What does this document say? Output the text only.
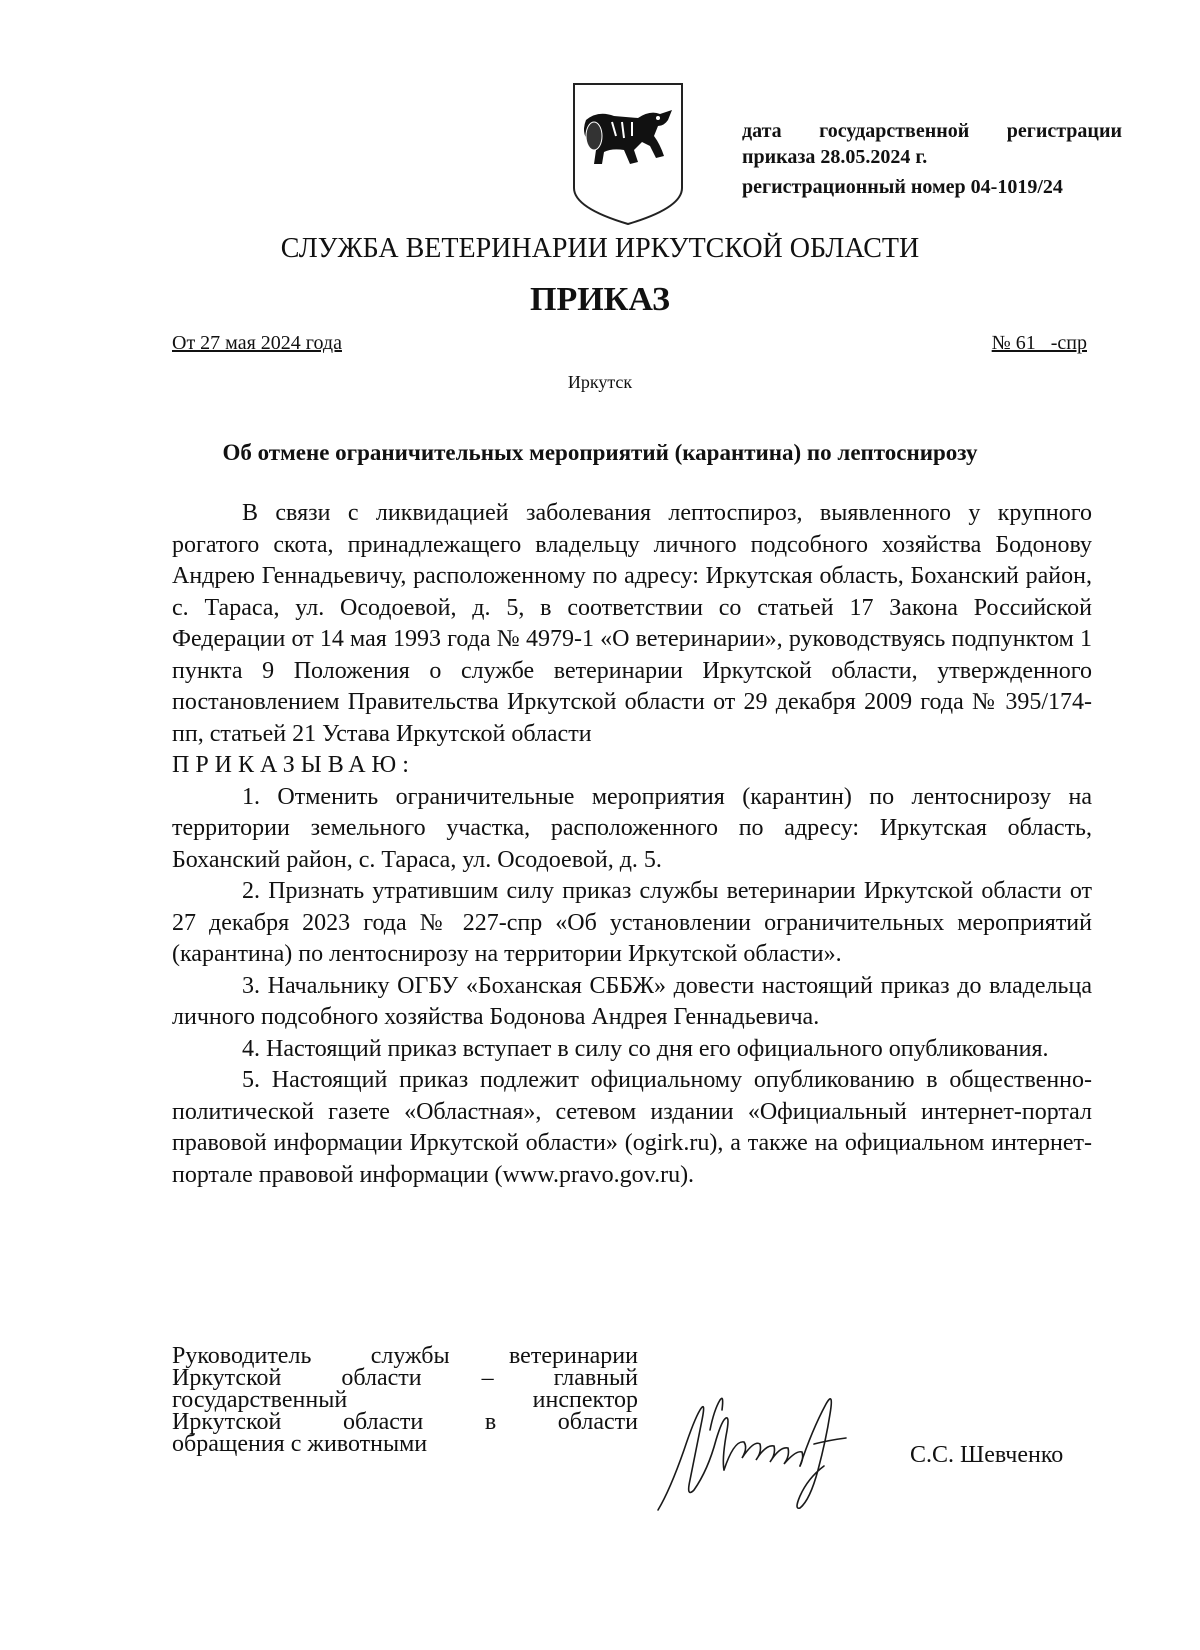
дата государственной регистрации
приказа 28.05.2024 г.
регистрационный номер 04-1019/24
СЛУЖБА ВЕТЕРИНАРИИ ИРКУТСКОЙ ОБЛАСТИ
ПРИКАЗ
От 27 мая 2024 года	№ 61   -спр
Иркутск
Об отмене ограничительных мероприятий (карантина) по лептоснирозу

В связи с ликвидацией заболевания лептоспироз, выявленного у крупного рогатого скота, принадлежащего владельцу личного подсобного хозяйства Бодонову Андрею Геннадьевичу, расположенному по адресу: Иркутская область, Боханский район, с. Тараса, ул. Осодоевой, д. 5, в соответствии со статьей 17 Закона Российской Федерации от 14 мая 1993 года № 4979-1 «О ветеринарии», руководствуясь подпунктом 1 пункта 9 Положения о службе ветеринарии Иркутской области, утвержденного постановлением Правительства Иркутской области от 29 декабря 2009 года № 395/174-пп, статьей 21 Устава Иркутской области

ПРИКАЗЫВАЮ:

1. Отменить ограничительные мероприятия (карантин) по лентоснирозу на территории земельного участка, расположенного по адресу: Иркутская область, Боханский район, с. Тараса, ул. Осодоевой, д. 5.

2. Признать утратившим силу приказ службы ветеринарии Иркутской области от 27 декабря 2023 года № 227-спр «Об установлении ограничительных мероприятий (карантина) по лентоснирозу на территории Иркутской области».

3. Начальнику ОГБУ «Боханская СББЖ» довести настоящий приказ до владельца личного подсобного хозяйства Бодонова Андрея Геннадьевича.

4. Настоящий приказ вступает в силу со дня его официального опубликования.

5. Настоящий приказ подлежит официальному опубликованию в общественно-политической газете «Областная», сетевом издании «Официальный интернет-портал правовой информации Иркутской области» (ogirk.ru), а также на официальном интернет-портале правовой информации (www.pravo.gov.ru).

Руководитель службы ветеринарии
Иркутской области – главный
государственный инспектор
Иркутской области в области
обращения с животными	С.С. Шевченко
